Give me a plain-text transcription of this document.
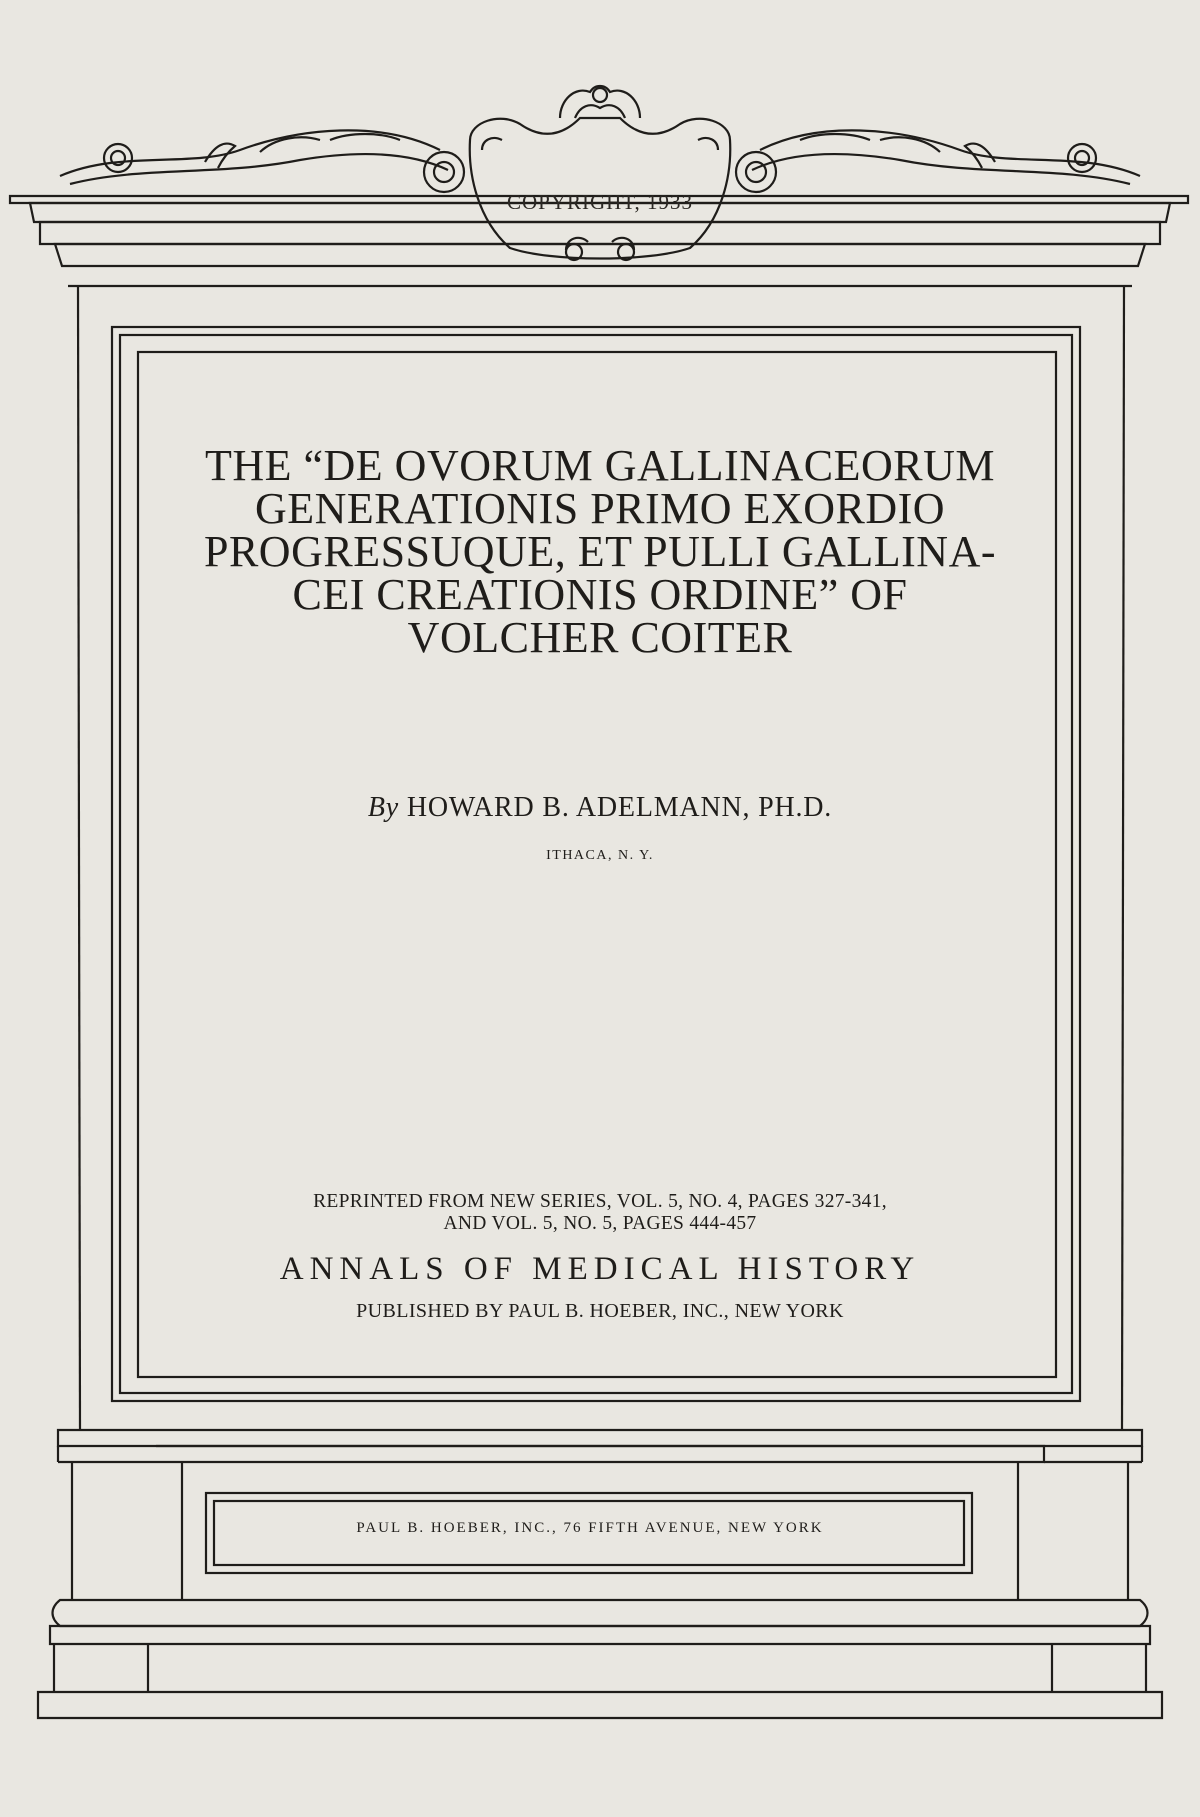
COPYRIGHT, 1933
THE “DE OVORUM GALLINACEORUM
GENERATIONIS PRIMO EXORDIO
PROGRESSUQUE, ET PULLI GALLINA-
CEI CREATIONIS ORDINE” OF
VOLCHER COITER
By HOWARD B. ADELMANN, PH.D.
ITHACA, N. Y.
REPRINTED FROM NEW SERIES, VOL. 5, NO. 4, PAGES 327-341,
AND VOL. 5, NO. 5, PAGES 444-457
ANNALS OF MEDICAL HISTORY
PUBLISHED BY PAUL B. HOEBER, INC., NEW YORK
PAUL B. HOEBER, INC., 76 FIFTH AVENUE, NEW YORK
